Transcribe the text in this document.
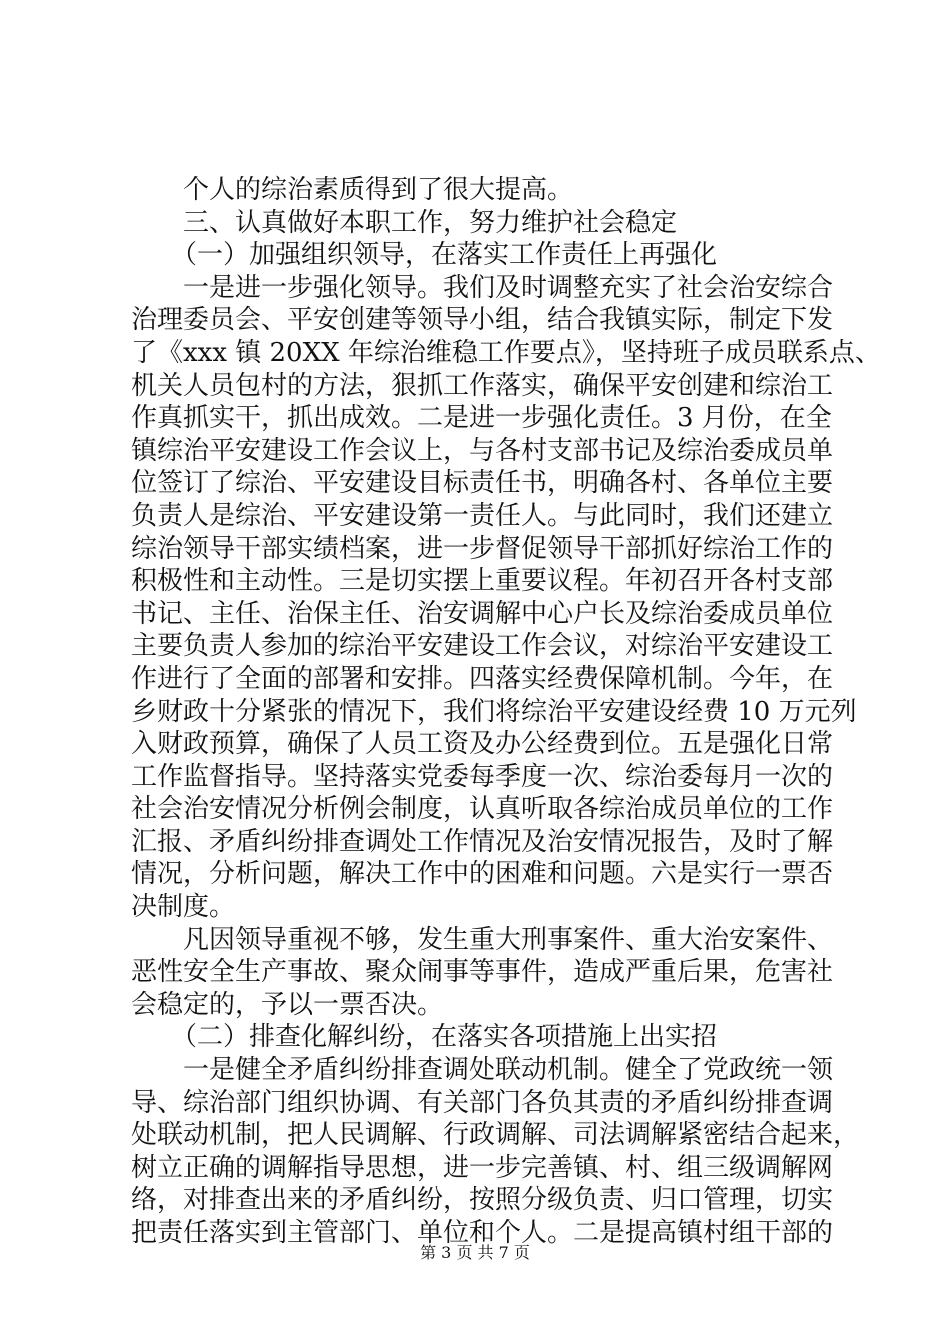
个人的综治素质得到了很大提高。
三、认真做好本职工作，努力维护社会稳定
（一）加强组织领导，在落实工作责任上再强化
一是进一步强化领导。我们及时调整充实了社会治安综合
治理委员会、平安创建等领导小组，结合我镇实际，制定下发
了《xxx 镇 20XX 年综治维稳工作要点》，坚持班子成员联系点、
机关人员包村的方法，狠抓工作落实，确保平安创建和综治工
作真抓实干，抓出成效。二是进一步强化责任。3 月份，在全
镇综治平安建设工作会议上，与各村支部书记及综治委成员单
位签订了综治、平安建设目标责任书，明确各村、各单位主要
负责人是综治、平安建设第一责任人。与此同时，我们还建立
综治领导干部实绩档案，进一步督促领导干部抓好综治工作的
积极性和主动性。三是切实摆上重要议程。年初召开各村支部
书记、主任、治保主任、治安调解中心户长及综治委成员单位
主要负责人参加的综治平安建设工作会议，对综治平安建设工
作进行了全面的部署和安排。四落实经费保障机制。今年，在
乡财政十分紧张的情况下，我们将综治平安建设经费 10 万元列
入财政预算，确保了人员工资及办公经费到位。五是强化日常
工作监督指导。坚持落实党委每季度一次、综治委每月一次的
社会治安情况分析例会制度，认真听取各综治成员单位的工作
汇报、矛盾纠纷排查调处工作情况及治安情况报告，及时了解
情况，分析问题，解决工作中的困难和问题。六是实行一票否
决制度。
凡因领导重视不够，发生重大刑事案件、重大治安案件、
恶性安全生产事故、聚众闹事等事件，造成严重后果，危害社
会稳定的，予以一票否决。
（二）排查化解纠纷，在落实各项措施上出实招
一是健全矛盾纠纷排查调处联动机制。健全了党政统一领
导、综治部门组织协调、有关部门各负其责的矛盾纠纷排查调
处联动机制，把人民调解、行政调解、司法调解紧密结合起来，
树立正确的调解指导思想，进一步完善镇、村、组三级调解网
络，对排查出来的矛盾纠纷，按照分级负责、归口管理，切实
把责任落实到主管部门、单位和个人。二是提高镇村组干部的
第 3 页 共 7 页
